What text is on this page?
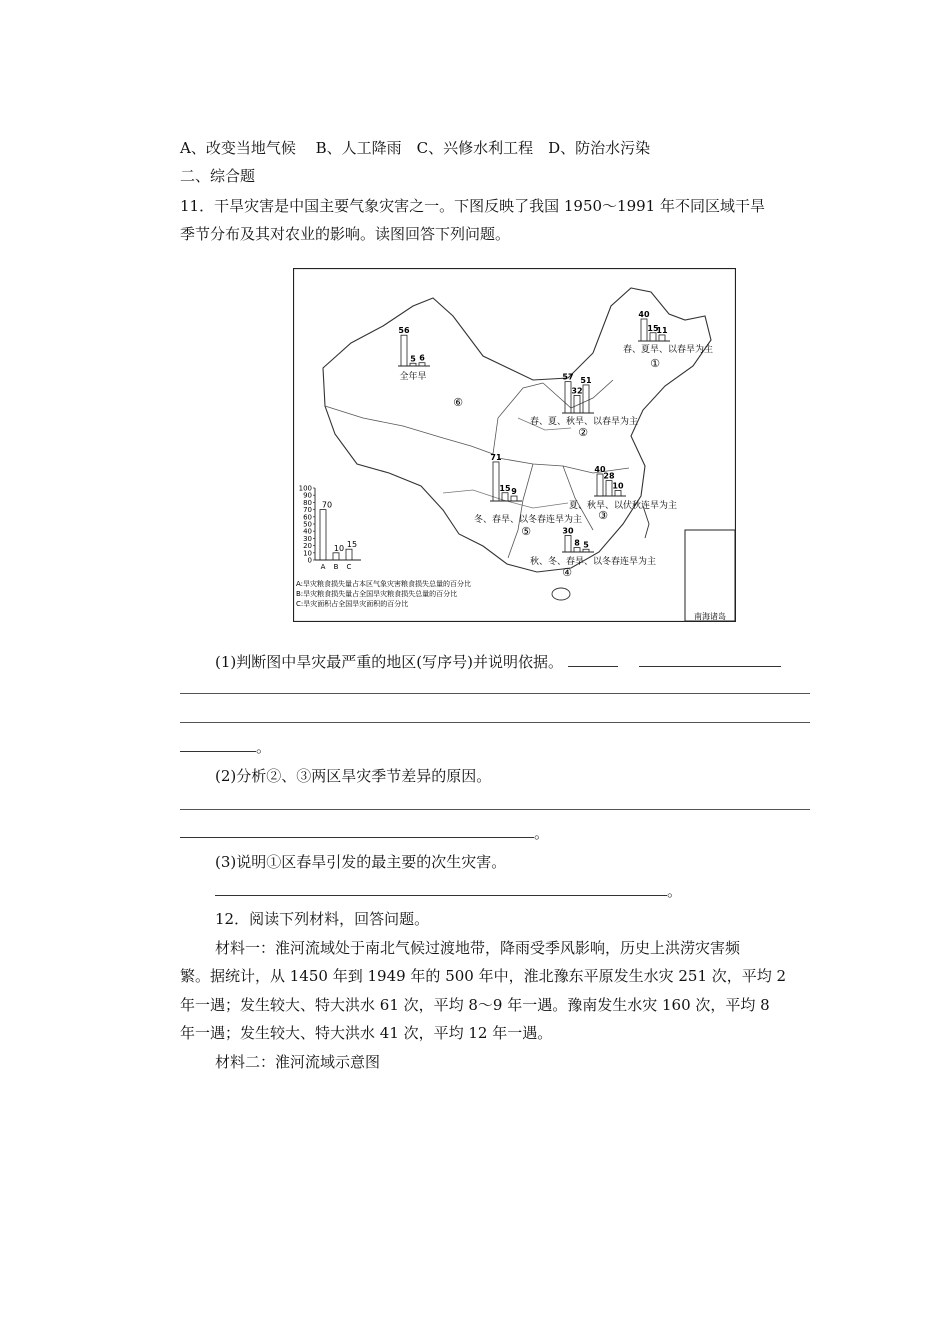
A、改变当地气候　 B、人工降雨　C、兴修水利工程　D、防治水污染
二、综合题
11．干旱灾害是中国主要气象灾害之一。下图反映了我国 1950～1991 年不同区域干旱
季节分布及其对农业的影响。读图回答下列问题。
南海诸岛
40
15
11
春、夏旱、以春旱为主
①
57
32
51
春、夏、秋旱、以春旱为主
②
40
28
10
夏、秋旱、以伏秋连旱为主
③
30
8 5
秋、冬、春旱、以冬春连旱为主
④
71
15 9
冬、春旱、以冬春连旱为主
⑤
56
5 6
全年旱
⑥
100
90
80
70
60
50
40
30
20
10
0
70
A
10
B
15
C
A:旱灾粮食损失量占本区气象灾害粮食损失总量的百分比
B:旱灾粮食损失量占全国旱灾粮食损失总量的百分比
C:旱灾面积占全国旱灾面积的百分比
(1)判断图中旱灾最严重的地区(写序号)并说明依据。
。
(2)分析②、③两区旱灾季节差异的原因。
。
(3)说明①区春旱引发的最主要的次生灾害。
。
12．阅读下列材料，回答问题。
材料一：淮河流域处于南北气候过渡地带，降雨受季风影响，历史上洪涝灾害频
繁。据统计，从 1450 年到 1949 年的 500 年中，淮北豫东平原发生水灾 251 次，平均 2
年一遇；发生较大、特大洪水 61 次，平均 8～9 年一遇。豫南发生水灾 160 次，平均 8
年一遇；发生较大、特大洪水 41 次，平均 12 年一遇。
材料二：淮河流域示意图
